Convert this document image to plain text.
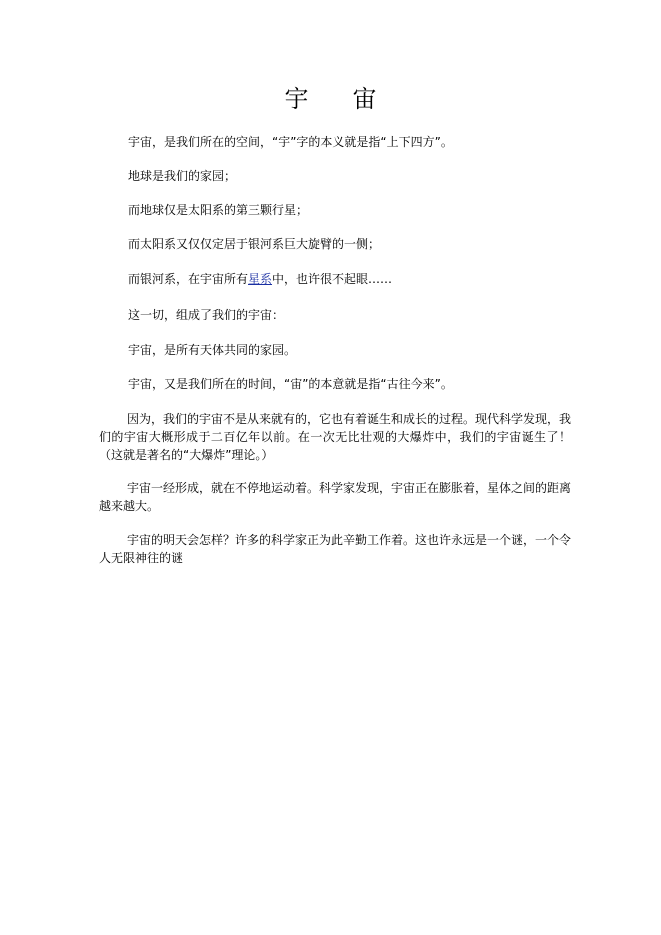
宇宙
宇宙，是我们所在的空间，“宇”字的本义就是指“上下四方”。
地球是我们的家园；
而地球仅是太阳系的第三颗行星；
而太阳系又仅仅定居于银河系巨大旋臂的一侧；
而银河系，在宇宙所有星系中，也许很不起眼……
这一切，组成了我们的宇宙：
宇宙，是所有天体共同的家园。
宇宙，又是我们所在的时间，“宙”的本意就是指“古往今来”。
因为，我们的宇宙不是从来就有的，它也有着诞生和成长的过程。现代科学发现，我们的宇宙大概形成于二百亿年以前。在一次无比壮观的大爆炸中，我们的宇宙诞生了！（这就是著名的“大爆炸”理论。）
宇宙一经形成，就在不停地运动着。科学家发现，宇宙正在膨胀着，星体之间的距离越来越大。
宇宙的明天会怎样？许多的科学家正为此辛勤工作着。这也许永远是一个谜，一个令人无限神往的谜
